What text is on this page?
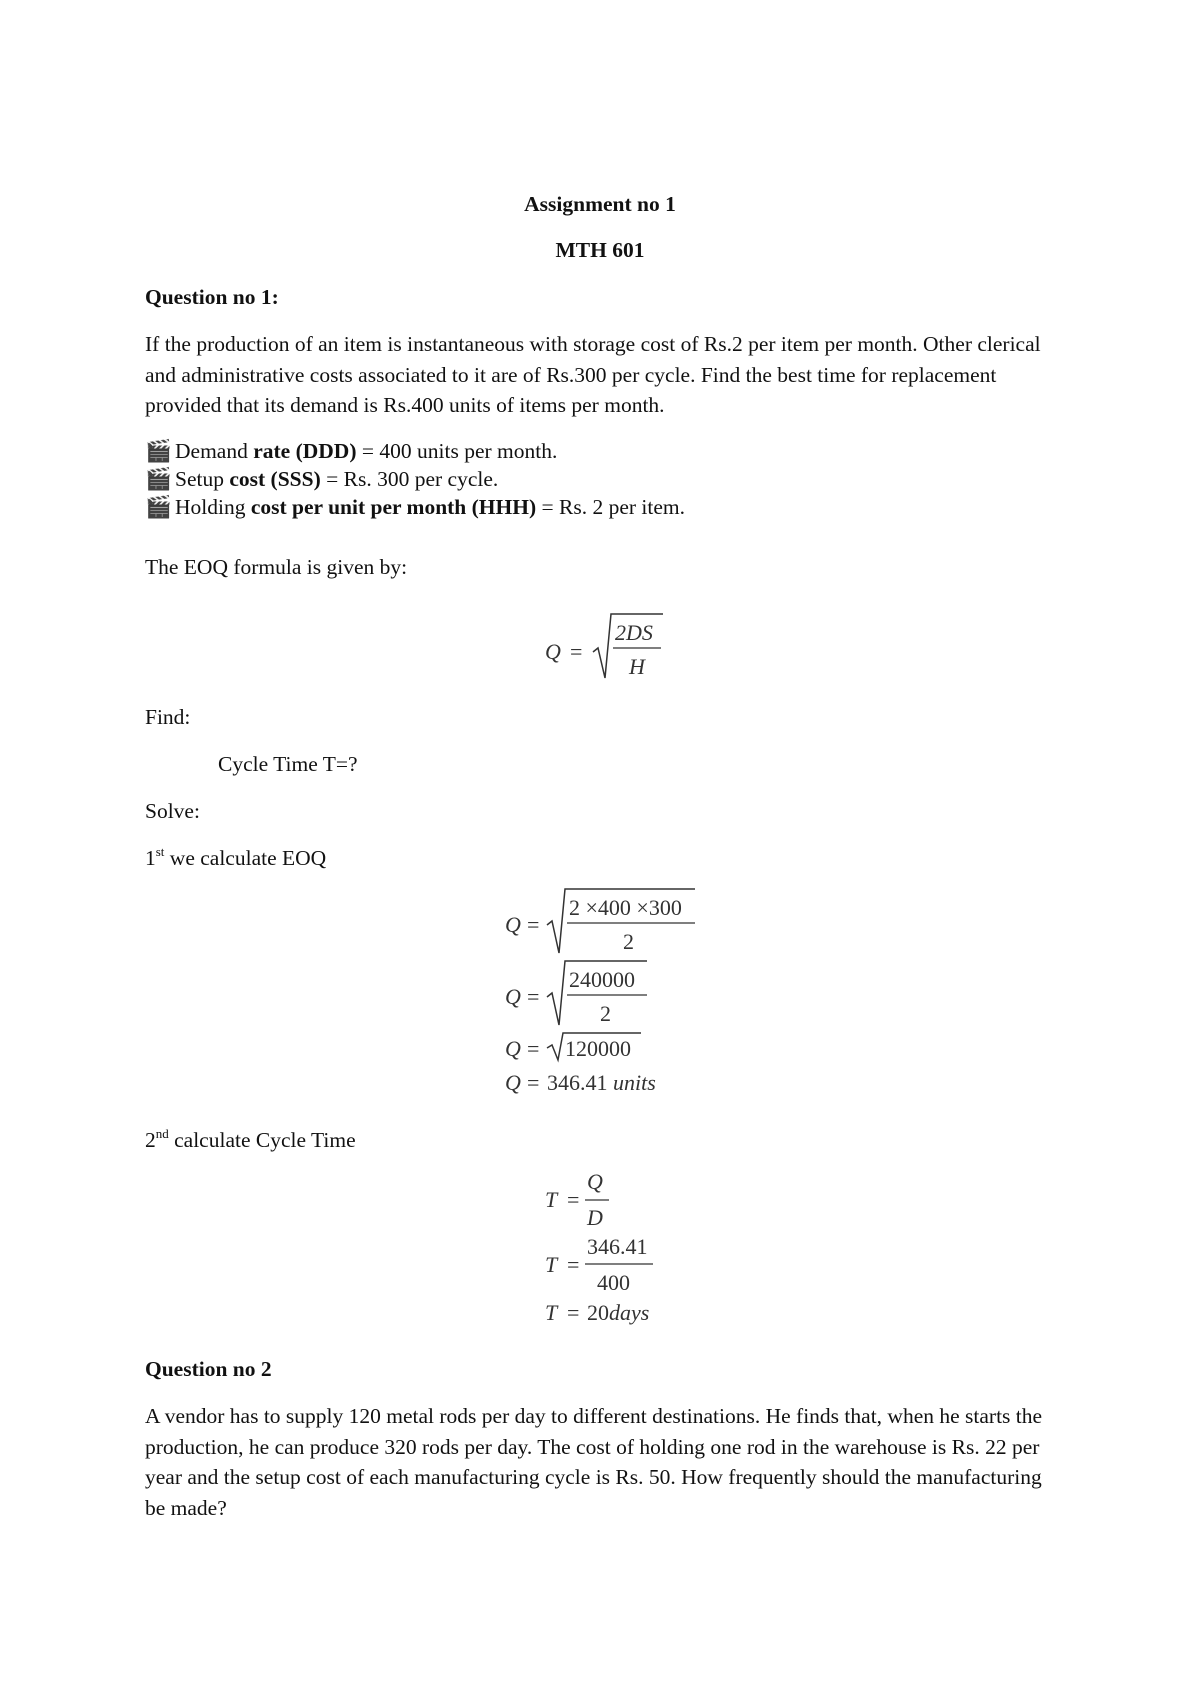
Assignment no 1
MTH 601
Question no 1:
If the production of an item is instantaneous with storage cost of Rs.2 per item per month. Other clerical and administrative costs associated to it are of Rs.300 per cycle. Find the best time for replacement provided that its demand is Rs.400 units of items per month.
🎬 Demand rate (DDD) = 400 units per month.
🎬 Setup cost (SSS) = Rs. 300 per cycle.
🎬 Holding cost per unit per month (HHH) = Rs. 2 per item.
The EOQ formula is given by:
Q =
2DS
H
Find:
Cycle Time T=?
Solve:
1st we calculate EOQ
Q =
2 ×400 ×300
2
Q =
240000
2
Q = 120000
Q = 346.41 units
2nd calculate Cycle Time
T =
Q
D
T =
346.41
400
T = 20 days
Question no 2
A vendor has to supply 120 metal rods per day to different destinations. He finds that, when he starts the production, he can produce 320 rods per day. The cost of holding one rod in the warehouse is Rs. 22 per year and the setup cost of each manufacturing cycle is Rs. 50. How frequently should the manufacturing be made?
